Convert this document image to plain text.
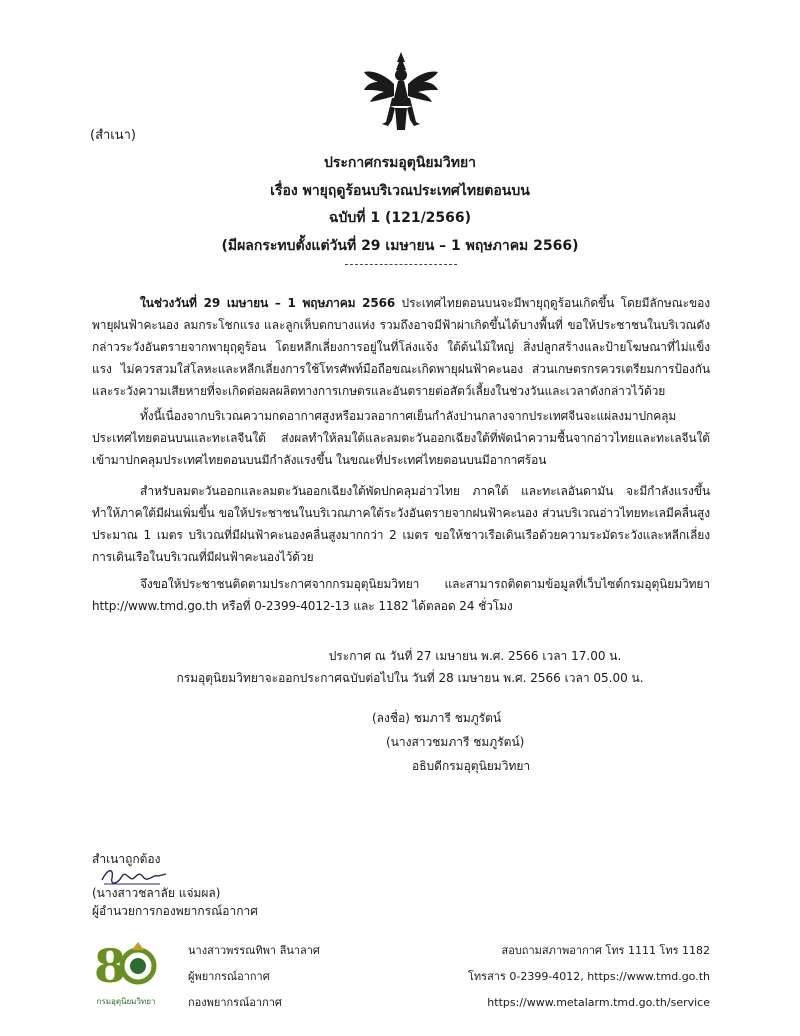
(สำเนา)
ประกาศกรมอุตุนิยมวิทยา
เรื่อง พายุฤดูร้อนบริเวณประเทศไทยตอนบน
ฉบับที่ 1 (121/2566)
(มีผลกระทบตั้งแต่วันที่ 29 เมษายน – 1 พฤษภาคม 2566)
ในช่วงวันที่ 29 เมษายน – 1 พฤษภาคม 2566 ประเทศไทยตอนบนจะมีพายุฤดูร้อนเกิดขึ้น โดยมีลักษณะของพายุฝนฟ้าคะนอง ลมกระโชกแรง และลูกเห็บตกบางแห่ง รวมถึงอาจมีฟ้าผ่าเกิดขึ้นได้บางพื้นที่ ขอให้ประชาชนในบริเวณดังกล่าวระวังอันตรายจากพายุฤดูร้อน โดยหลีกเลี่ยงการอยู่ในที่โล่งแจ้ง ใต้ต้นไม้ใหญ่ สิ่งปลูกสร้างและป้ายโฆษณาที่ไม่แข็งแรง ไม่ควรสวมใส่โลหะและหลีกเลี่ยงการใช้โทรศัพท์มือถือขณะเกิดพายุฝนฟ้าคะนอง ส่วนเกษตรกรควรเตรียมการป้องกันและระวังความเสียหายที่จะเกิดต่อผลผลิตทางการเกษตรและอันตรายต่อสัตว์เลี้ยงในช่วงวันและเวลาดังกล่าวไว้ด้วย
ทั้งนี้เนื่องจากบริเวณความกดอากาศสูงหรือมวลอากาศเย็นกำลังปานกลางจากประเทศจีนจะแผ่ลงมาปกคลุมประเทศไทยตอนบนและทะเลจีนใต้ ส่งผลทำให้ลมใต้และลมตะวันออกเฉียงใต้ที่พัดนำความชื้นจากอ่าวไทยและทะเลจีนใต้เข้ามาปกคลุมประเทศไทยตอนบนมีกำลังแรงขึ้น ในขณะที่ประเทศไทยตอนบนมีอากาศร้อน
สำหรับลมตะวันออกและลมตะวันออกเฉียงใต้พัดปกคลุมอ่าวไทย ภาคใต้ และทะเลอันดามัน จะมีกำลังแรงขึ้น ทำให้ภาคใต้มีฝนเพิ่มขึ้น ขอให้ประชาชนในบริเวณภาคใต้ระวังอันตรายจากฝนฟ้าคะนอง ส่วนบริเวณอ่าวไทยทะเลมีคลื่นสูงประมาณ 1 เมตร บริเวณที่มีฝนฟ้าคะนองคลื่นสูงมากกว่า 2 เมตร ขอให้ชาวเรือเดินเรือด้วยความระมัดระวังและหลีกเลี่ยงการเดินเรือในบริเวณที่มีฝนฟ้าคะนองไว้ด้วย
จึงขอให้ประชาชนติดตามประกาศจากกรมอุตุนิยมวิทยา และสามารถติดตามข้อมูลที่เว็บไซต์กรมอุตุนิยมวิทยา http://www.tmd.go.th หรือที่ 0-2399-4012-13 และ 1182 ได้ตลอด 24 ชั่วโมง
ประกาศ ณ วันที่ 27 เมษายน พ.ศ. 2566 เวลา 17.00 น.
กรมอุตุนิยมวิทยาจะออกประกาศฉบับต่อไปใน วันที่ 28 เมษายน พ.ศ. 2566 เวลา 05.00 น.
(ลงชื่อ) ชมภารี ชมภูรัตน์
(นางสาวชมภารี ชมภูรัตน์)
อธิบดีกรมอุตุนิยมวิทยา
สำเนาถูกต้อง
(นางสาวชลาลัย แจ่มผล)
ผู้อำนวยการกองพยากรณ์อากาศ
8
กรมอุตุนิยมวิทยา
นางสาวพรรณทิพา ลีนาลาศ
ผู้พยากรณ์อากาศ
กองพยากรณ์อากาศ
สอบถามสภาพอากาศ โทร 1111 โทร 1182
โทรสาร 0-2399-4012, https://www.tmd.go.th
https://www.metalarm.tmd.go.th/service
